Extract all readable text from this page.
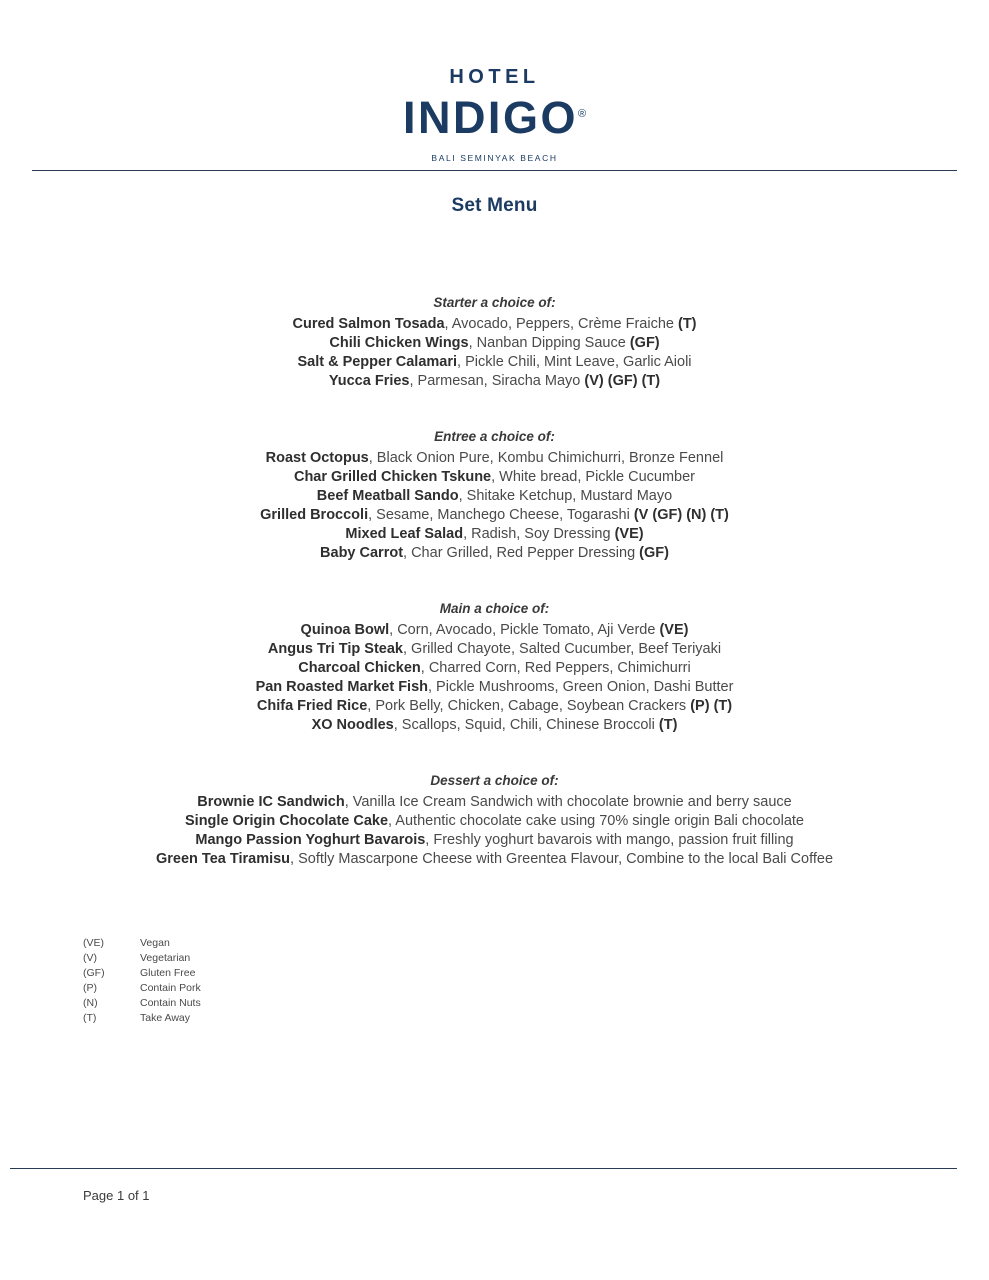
HOTEL
INDIGO®
BALI SEMINYAK BEACH
Set Menu
Starter a choice of:
Cured Salmon Tosada, Avocado, Peppers, Crème Fraiche (T)
Chili Chicken Wings, Nanban Dipping Sauce (GF)
Salt & Pepper Calamari, Pickle Chili, Mint Leave, Garlic Aioli
Yucca Fries, Parmesan, Siracha Mayo (V) (GF) (T)
Entree a choice of:
Roast Octopus, Black Onion Pure, Kombu Chimichurri, Bronze Fennel
Char Grilled Chicken Tskune, White bread, Pickle Cucumber
Beef Meatball Sando, Shitake Ketchup, Mustard Mayo
Grilled Broccoli, Sesame, Manchego Cheese, Togarashi (V (GF) (N) (T)
Mixed Leaf Salad, Radish, Soy Dressing (VE)
Baby Carrot, Char Grilled, Red Pepper Dressing (GF)
Main a choice of:
Quinoa Bowl, Corn, Avocado, Pickle Tomato, Aji Verde (VE)
Angus Tri Tip Steak, Grilled Chayote, Salted Cucumber, Beef Teriyaki
Charcoal Chicken, Charred Corn, Red Peppers, Chimichurri
Pan Roasted Market Fish, Pickle Mushrooms, Green Onion, Dashi Butter
Chifa Fried Rice, Pork Belly, Chicken, Cabage, Soybean Crackers (P) (T)
XO Noodles, Scallops, Squid, Chili, Chinese Broccoli (T)
Dessert a choice of:
Brownie IC Sandwich, Vanilla Ice Cream Sandwich with chocolate brownie and berry sauce
Single Origin Chocolate Cake, Authentic chocolate cake using 70% single origin Bali chocolate
Mango Passion Yoghurt Bavarois, Freshly yoghurt bavarois with mango, passion fruit filling
Green Tea Tiramisu, Softly Mascarpone Cheese with Greentea Flavour, Combine to the local Bali Coffee
(VE)	Vegan
(V)	Vegetarian
(GF)	Gluten Free
(P)	Contain Pork
(N)	Contain Nuts
(T)	Take Away
Page 1 of 1
